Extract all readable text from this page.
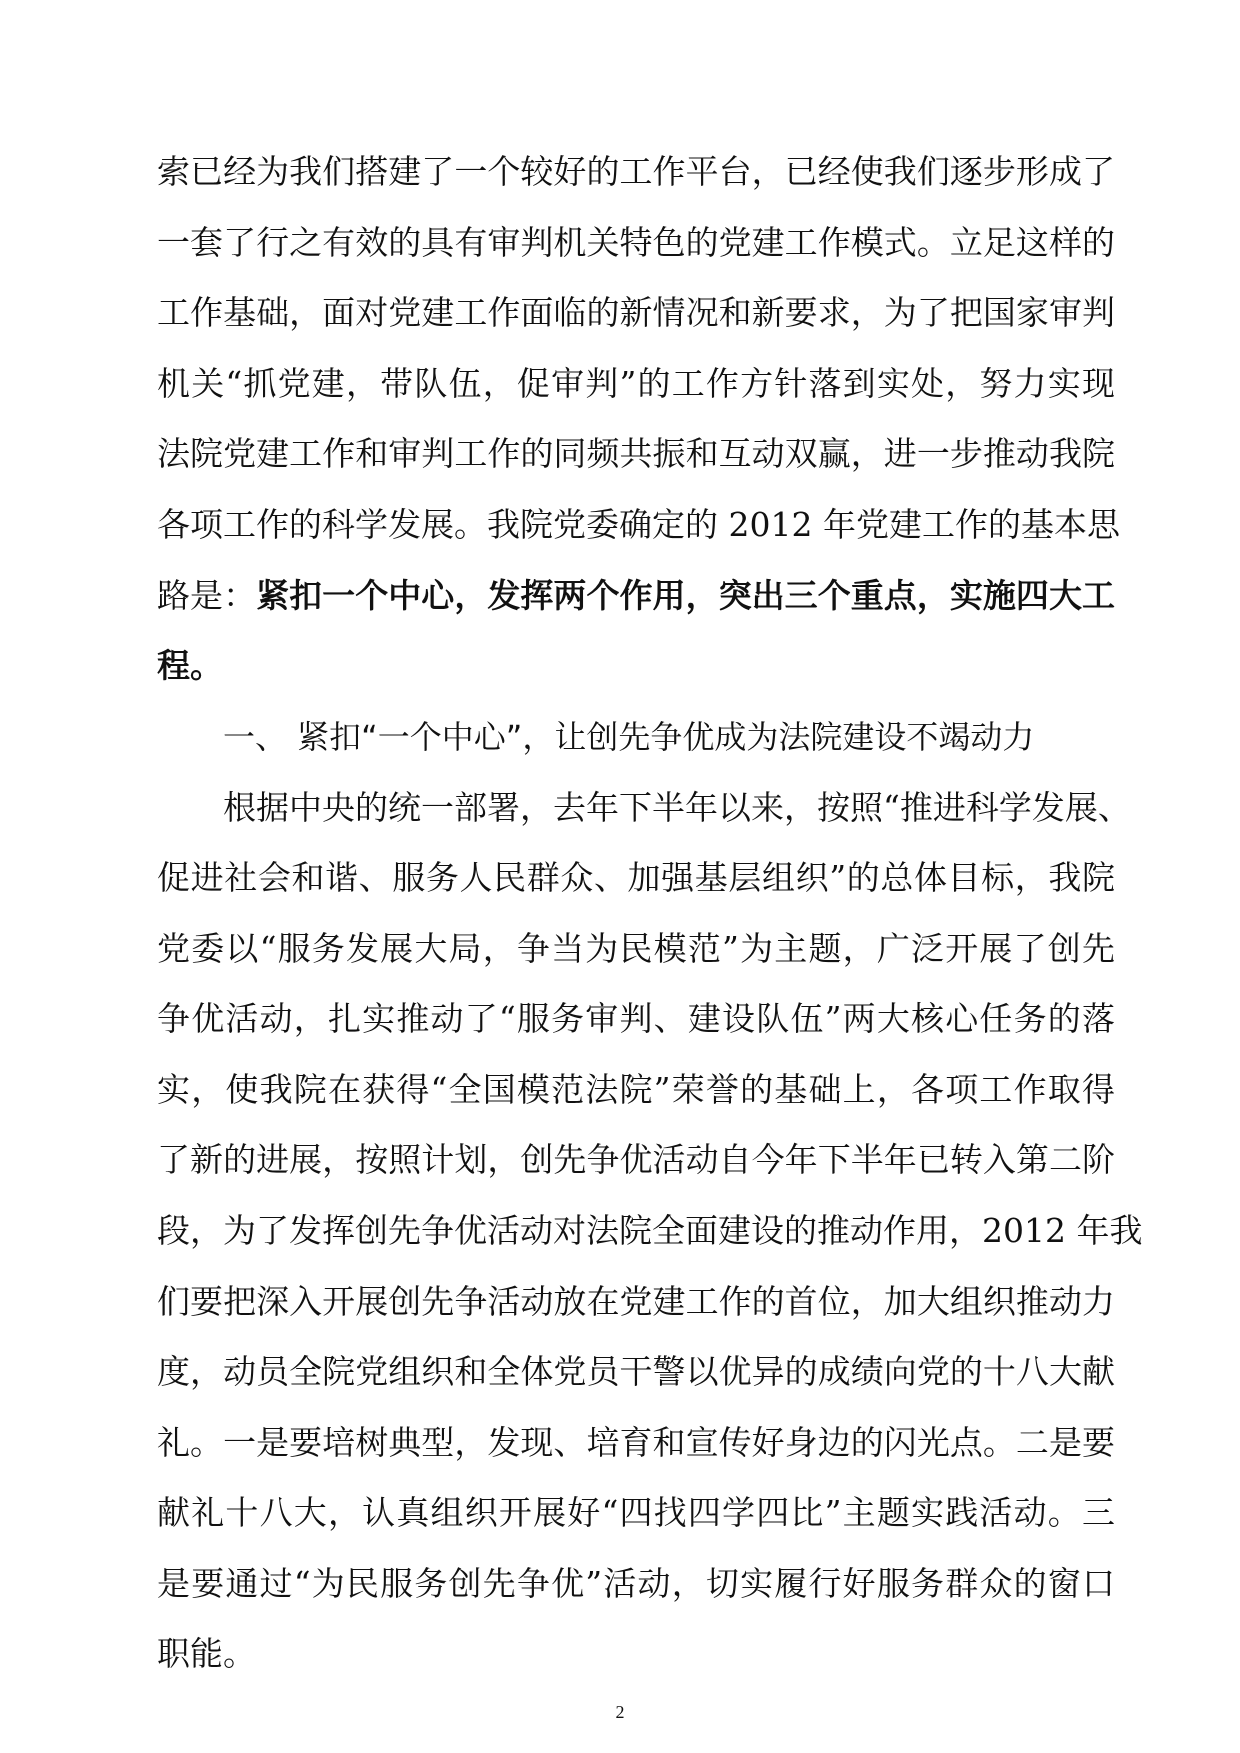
索已经为我们搭建了一个较好的工作平台，已经使我们逐步形成了
一套了行之有效的具有审判机关特色的党建工作模式。立足这样的
工作基础，面对党建工作面临的新情况和新要求，为了把国家审判
机关“抓党建，带队伍，促审判”的工作方针落到实处，努力实现
法院党建工作和审判工作的同频共振和互动双赢，进一步推动我院
各项工作的科学发展。我院党委确定的 2012 年党建工作的基本思
路是：紧扣一个中心，发挥两个作用，突出三个重点，实施四大工
程。
一、 紧扣“一个中心”，让创先争优成为法院建设不竭动力
根据中央的统一部署，去年下半年以来，按照“推进科学发展、
促进社会和谐、服务人民群众、加强基层组织”的总体目标，我院
党委以“服务发展大局，争当为民模范”为主题，广泛开展了创先
争优活动，扎实推动了“服务审判、建设队伍”两大核心任务的落
实，使我院在获得“全国模范法院”荣誉的基础上，各项工作取得
了新的进展，按照计划，创先争优活动自今年下半年已转入第二阶
段，为了发挥创先争优活动对法院全面建设的推动作用，2012 年我
们要把深入开展创先争活动放在党建工作的首位，加大组织推动力
度，动员全院党组织和全体党员干警以优异的成绩向党的十八大献
礼。一是要培树典型，发现、培育和宣传好身边的闪光点。二是要
献礼十八大，认真组织开展好“四找四学四比”主题实践活动。三
是要通过“为民服务创先争优”活动，切实履行好服务群众的窗口
职能。
2
